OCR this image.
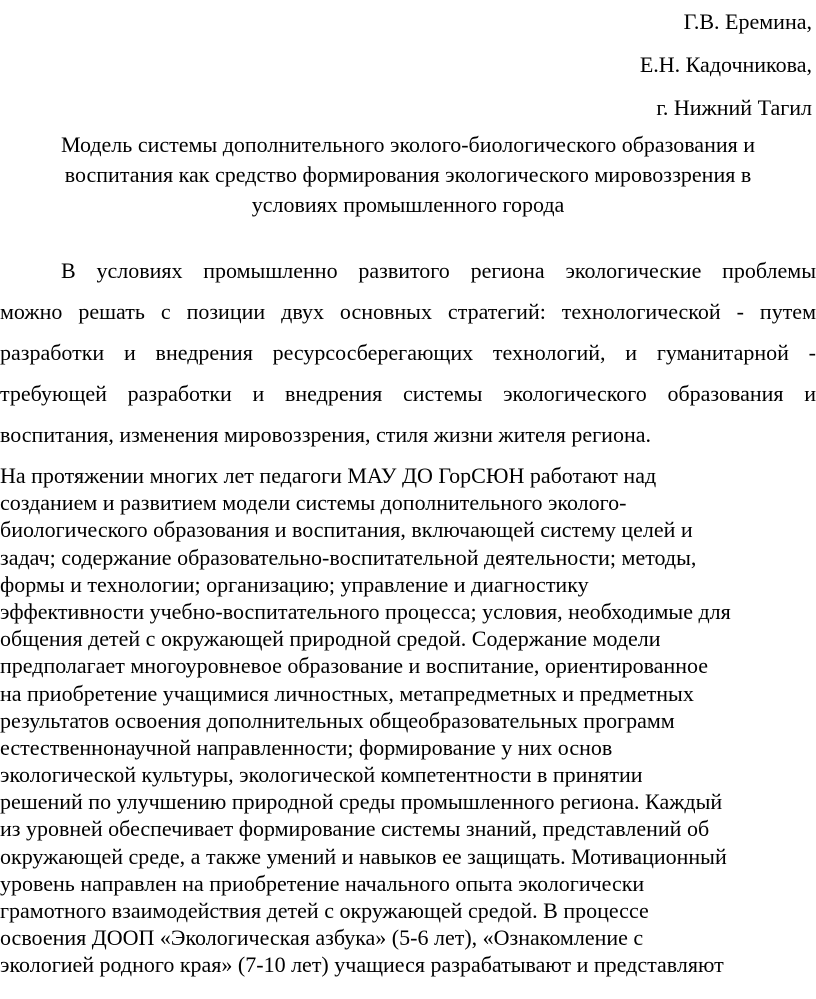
Г.В. Еремина,
Е.Н. Кадочникова,
г. Нижний Тагил
Модель системы дополнительного эколого-биологического образования и
воспитания как средство формирования экологического мировоззрения в
условиях промышленного города
В условиях промышленно развитого региона экологические проблемы
можно решать с позиции двух основных стратегий: технологической - путем
разработки и внедрения ресурсосберегающих технологий, и гуманитарной -
требующей разработки и внедрения системы экологического образования и
воспитания, изменения мировоззрения, стиля жизни жителя региона.
На протяжении многих лет педагоги МАУ ДО ГорСЮН работают над
созданием и развитием модели системы дополнительного эколого-
биологического образования и воспитания, включающей систему целей и
задач; содержание образовательно-воспитательной деятельности; методы,
формы и технологии; организацию; управление и диагностику
эффективности учебно-воспитательного процесса; условия, необходимые для
общения детей с окружающей природной средой. Содержание модели
предполагает многоуровневое образование и воспитание, ориентированное
на приобретение учащимися личностных, метапредметных и предметных
результатов освоения дополнительных общеобразовательных программ
естественнонаучной направленности; формирование у них основ
экологической культуры, экологической компетентности в принятии
решений по улучшению природной среды промышленного региона. Каждый
из уровней обеспечивает формирование системы знаний, представлений об
окружающей среде, а также умений и навыков ее защищать. Мотивационный
уровень направлен на приобретение начального опыта экологически
грамотного взаимодействия детей с окружающей средой. В процессе
освоения ДООП «Экологическая азбука» (5-6 лет), «Ознакомление с
экологией родного края» (7-10 лет) учащиеся разрабатывают и представляют
